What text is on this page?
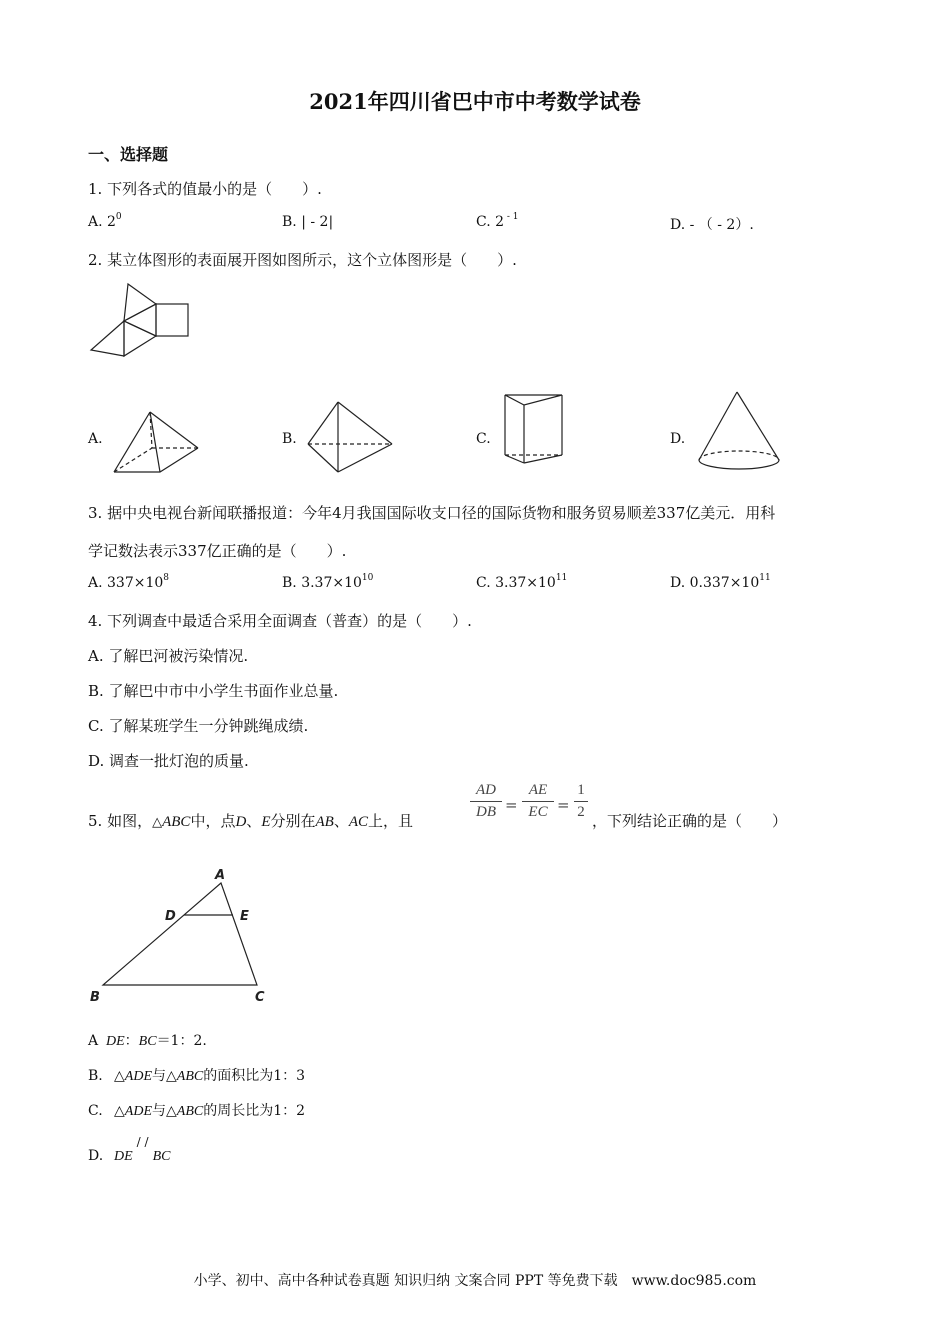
2021年四川省巴中市中考数学试卷
一、选择题
1. 下列各式的值最小的是（　　）.
A. $2^0$	B. | - 2|	C. 2 $^{- 1}$	D. - （ - 2）.
2. 某立体图形的表面展开图如图所示，这个立体图形是（　　）.
A.	B.	C.	D.
3. 据中央电视台新闻联播报道：今年4月我国国际收支口径的国际货物和服务贸易顺差337亿美元．用科
学记数法表示337亿正确的是（　　）.
A. $337\times 10^8$	B. $3.37\times 10^{10}$	C. $3.37\times 10^{11}$	D. $0.337\times 10^{11}$
4. 下列调查中最适合采用全面调查（普查）的是（　　）.
A. 了解巴河被污染情况.
B. 了解巴中市中小学生书面作业总量.
C. 了解某班学生一分钟跳绳成绩.
D. 调查一批灯泡的质量.
5. 如图，△ABC中，点D、E分别在AB、AC上，且
AD
DB =
AE
EC =
1
2 ，下列结论正确的是（　　）
A
D	E
B	C
A DE：BC＝1：2.
B. △ADE与△ABC的面积比为1：3
C. △ADE与△ABC的周长比为1：2
D. DE/ /BC
小学、初中、高中各种试卷真题 知识归纳 文案合同 PPT 等免费下载　www.doc985.com
